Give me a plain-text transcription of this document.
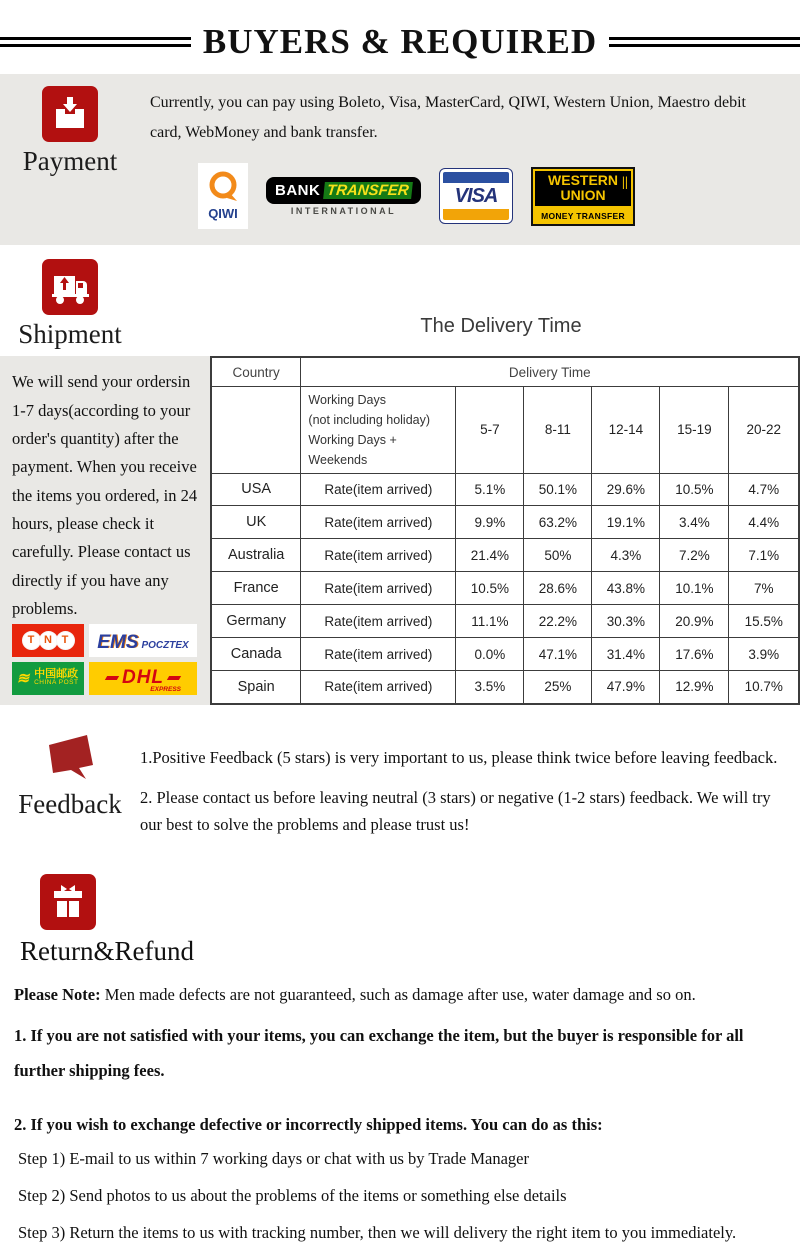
BUYERS & REQUIRED
Payment

Currently, you can pay using Boleto, Visa, MasterCard, QIWI, Western Union, Maestro debit card, WebMoney and bank transfer.

QIWI
BANK TRANSFER
INTERNATIONAL
VISA
WESTERN
UNION
||
MONEY TRANSFER
Shipment	The Delivery Time
We will send your ordersin 1-7 days(according to your order's quantity) after the payment. When you receive the items you ordered, in 24 hours, please check it carefully. Please contact us directly if you have any problems.
T N T	EMS POCZTEX
≋ 中国邮政
CHINA POST DHL
EXPRESS
Country	Delivery Time					

	Working Days
(not including holiday)
Working Days + Weekends	5-7	8-11	12-14	15-19	20-22
USA	Rate(item arrived)	5.1%	50.1%	29.6%	10.5%	4.7%
UK	Rate(item arrived)	9.9%	63.2%	19.1%	3.4%	4.4%
Australia	Rate(item arrived)	21.4%	50%	4.3%	7.2%	7.1%
France	Rate(item arrived)	10.5%	28.6%	43.8%	10.1%	7%
Germany	Rate(item arrived)	11.1%	22.2%	30.3%	20.9%	15.5%
Canada	Rate(item arrived)	0.0%	47.1%	31.4%	17.6%	3.9%
Spain	Rate(item arrived)	3.5%	25%	47.9%	12.9%	10.7%
Feedback

1.Positive Feedback (5 stars) is very important to us, please think twice before leaving feedback.

2. Please contact us before leaving neutral (3 stars) or negative (1-2 stars) feedback. We will try our best to solve the problems and please trust us!

Return&Refund

Please Note: Men made defects are not guaranteed, such as damage after use, water damage and so on.

1. If you are not satisfied with your items, you can exchange the item, but the buyer is responsible for all further shipping fees.

2. If you wish to exchange defective or incorrectly shipped items. You can do as this:

Step 1) E-mail to us within 7 working days or chat with us by Trade Manager

Step 2) Send photos to us about the problems of the items or something else details

Step 3) Return the items to us with tracking number, then we will delivery the right item to you immediately.
